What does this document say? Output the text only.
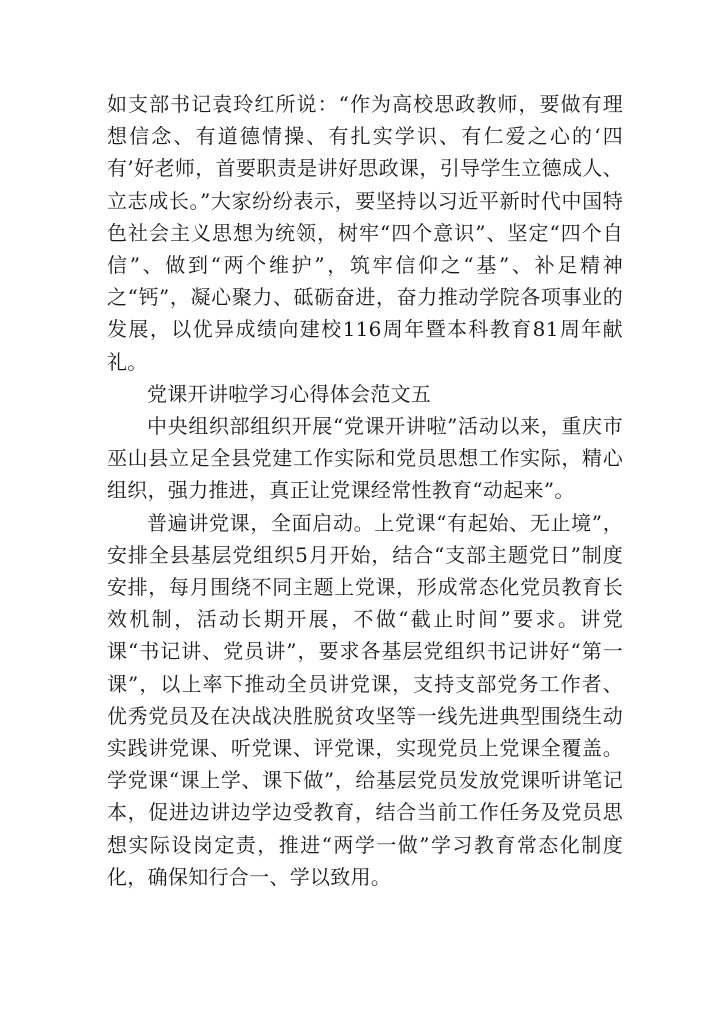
如支部书记袁玲红所说：“作为高校思政教师，要做有理想信念、有道德情操、有扎实学识、有仁爱之心的‘四有’好老师，首要职责是讲好思政课，引导学生立德成人、立志成长。”大家纷纷表示，要坚持以习近平新时代中国特色社会主义思想为统领，树牢“四个意识”、坚定“四个自信”、做到“两个维护”，筑牢信仰之“基”、补足精神之“钙”，凝心聚力、砥砺奋进，奋力推动学院各项事业的发展，以优异成绩向建校116周年暨本科教育81周年献礼。

党课开讲啦学习心得体会范文五

中央组织部组织开展“党课开讲啦”活动以来，重庆市巫山县立足全县党建工作实际和党员思想工作实际，精心组织，强力推进，真正让党课经常性教育“动起来”。

普遍讲党课，全面启动。上党课“有起始、无止境”，安排全县基层党组织5月开始，结合“支部主题党日”制度安排，每月围绕不同主题上党课，形成常态化党员教育长效机制，活动长期开展，不做“截止时间”要求。讲党课“书记讲、党员讲”，要求各基层党组织书记讲好“第一课”，以上率下推动全员讲党课，支持支部党务工作者、优秀党员及在决战决胜脱贫攻坚等一线先进典型围绕生动实践讲党课、听党课、评党课，实现党员上党课全覆盖。学党课“课上学、课下做”，给基层党员发放党课听讲笔记本，促进边讲边学边受教育，结合当前工作任务及党员思想实际设岗定责，推进“两学一做”学习教育常态化制度化，确保知行合一、学以致用。
